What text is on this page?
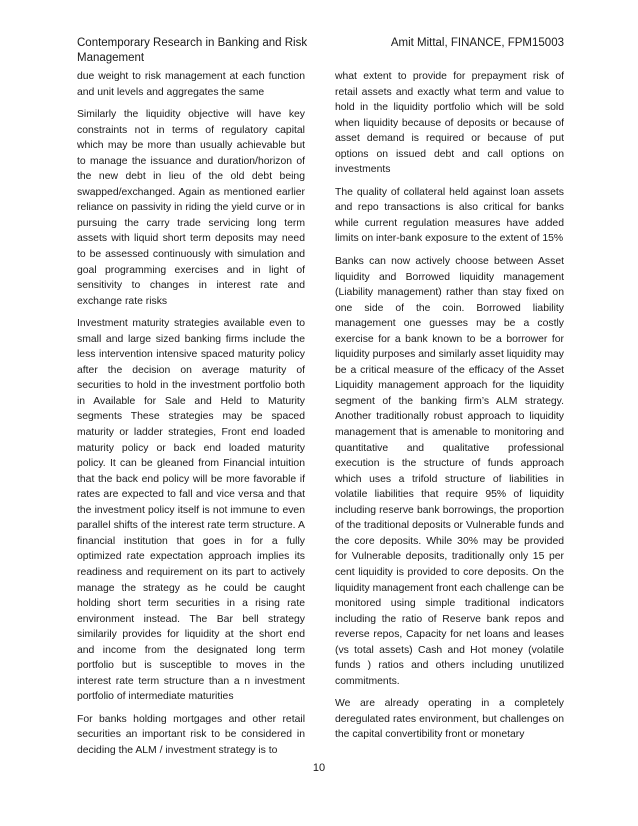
Contemporary Research in Banking and Risk Management
Amit Mittal, FINANCE, FPM15003

due weight to risk management at each function and unit levels and aggregates the same

Similarly the liquidity objective will have key constraints not in terms of regulatory capital which may be more than usually achievable but to manage the issuance and duration/horizon of the new debt in lieu of the old debt being swapped/exchanged. Again as mentioned earlier reliance on passivity in riding the yield curve or in pursuing the carry trade servicing long term assets with liquid short term deposits may need to be assessed continuously with simulation and goal programming exercises and in light of sensitivity to changes in interest rate and exchange rate risks

Investment maturity strategies available even to small and large sized banking firms include the less intervention intensive spaced maturity policy after the decision on average maturity of securities to hold in the investment portfolio both in Available for Sale and Held to Maturity segments These strategies may be spaced maturity or ladder strategies, Front end loaded maturity policy or back end loaded maturity policy. It can be gleaned from Financial intuition that the back end policy will be more favorable if rates are expected to fall and vice versa and that the investment policy itself is not immune to even parallel shifts of the interest rate term structure. A financial institution that goes in for a fully optimized rate expectation approach implies its readiness and requirement on its part to actively manage the strategy as he could be caught holding short term securities in a rising rate environment instead. The Bar bell strategy similarily provides for liquidity at the short end and income from the designated long term portfolio but is susceptible to moves in the interest rate term structure than a n investment portfolio of intermediate maturities

For banks holding mortgages and other retail securities an important risk to be considered in deciding the ALM / investment strategy is to

what extent to provide for prepayment risk of retail assets and exactly what term and value to hold in the liquidity portfolio which will be sold when liquidity because of deposits or because of asset demand is required or because of put options on issued debt and call options on investments

The quality of collateral held against loan assets and repo transactions is also critical for banks while current regulation measures have added limits on inter-bank exposure to the extent of 15%

Banks can now actively choose between Asset liquidity and Borrowed liquidity management (Liability management) rather than stay fixed on one side of the coin. Borrowed liability management one guesses may be a costly exercise for a bank known to be a borrower for liquidity purposes and similarly asset liquidity may be a critical measure of the efficacy of the Asset Liquidity management approach for the liquidity segment of the banking firm’s ALM strategy. Another traditionally robust approach to liquidity management that is amenable to monitoring and quantitative and qualitative professional execution is the structure of funds approach which uses a trifold structure of liabilities in volatile liabilities that require 95% of liquidity including reserve bank borrowings, the proportion of the traditional deposits or Vulnerable funds and the core deposits. While 30% may be provided for Vulnerable deposits, traditionally only 15 per cent liquidity is provided to core deposits. On the liquidity management front each challenge can be monitored using simple traditional indicators including the ratio of Reserve bank repos and reverse repos, Capacity for net loans and leases (vs total assets) Cash and Hot money (volatile funds ) ratios and others including unutilized commitments.

We are already operating in a completely deregulated rates environment, but challenges on the capital convertibility front or monetary

10
